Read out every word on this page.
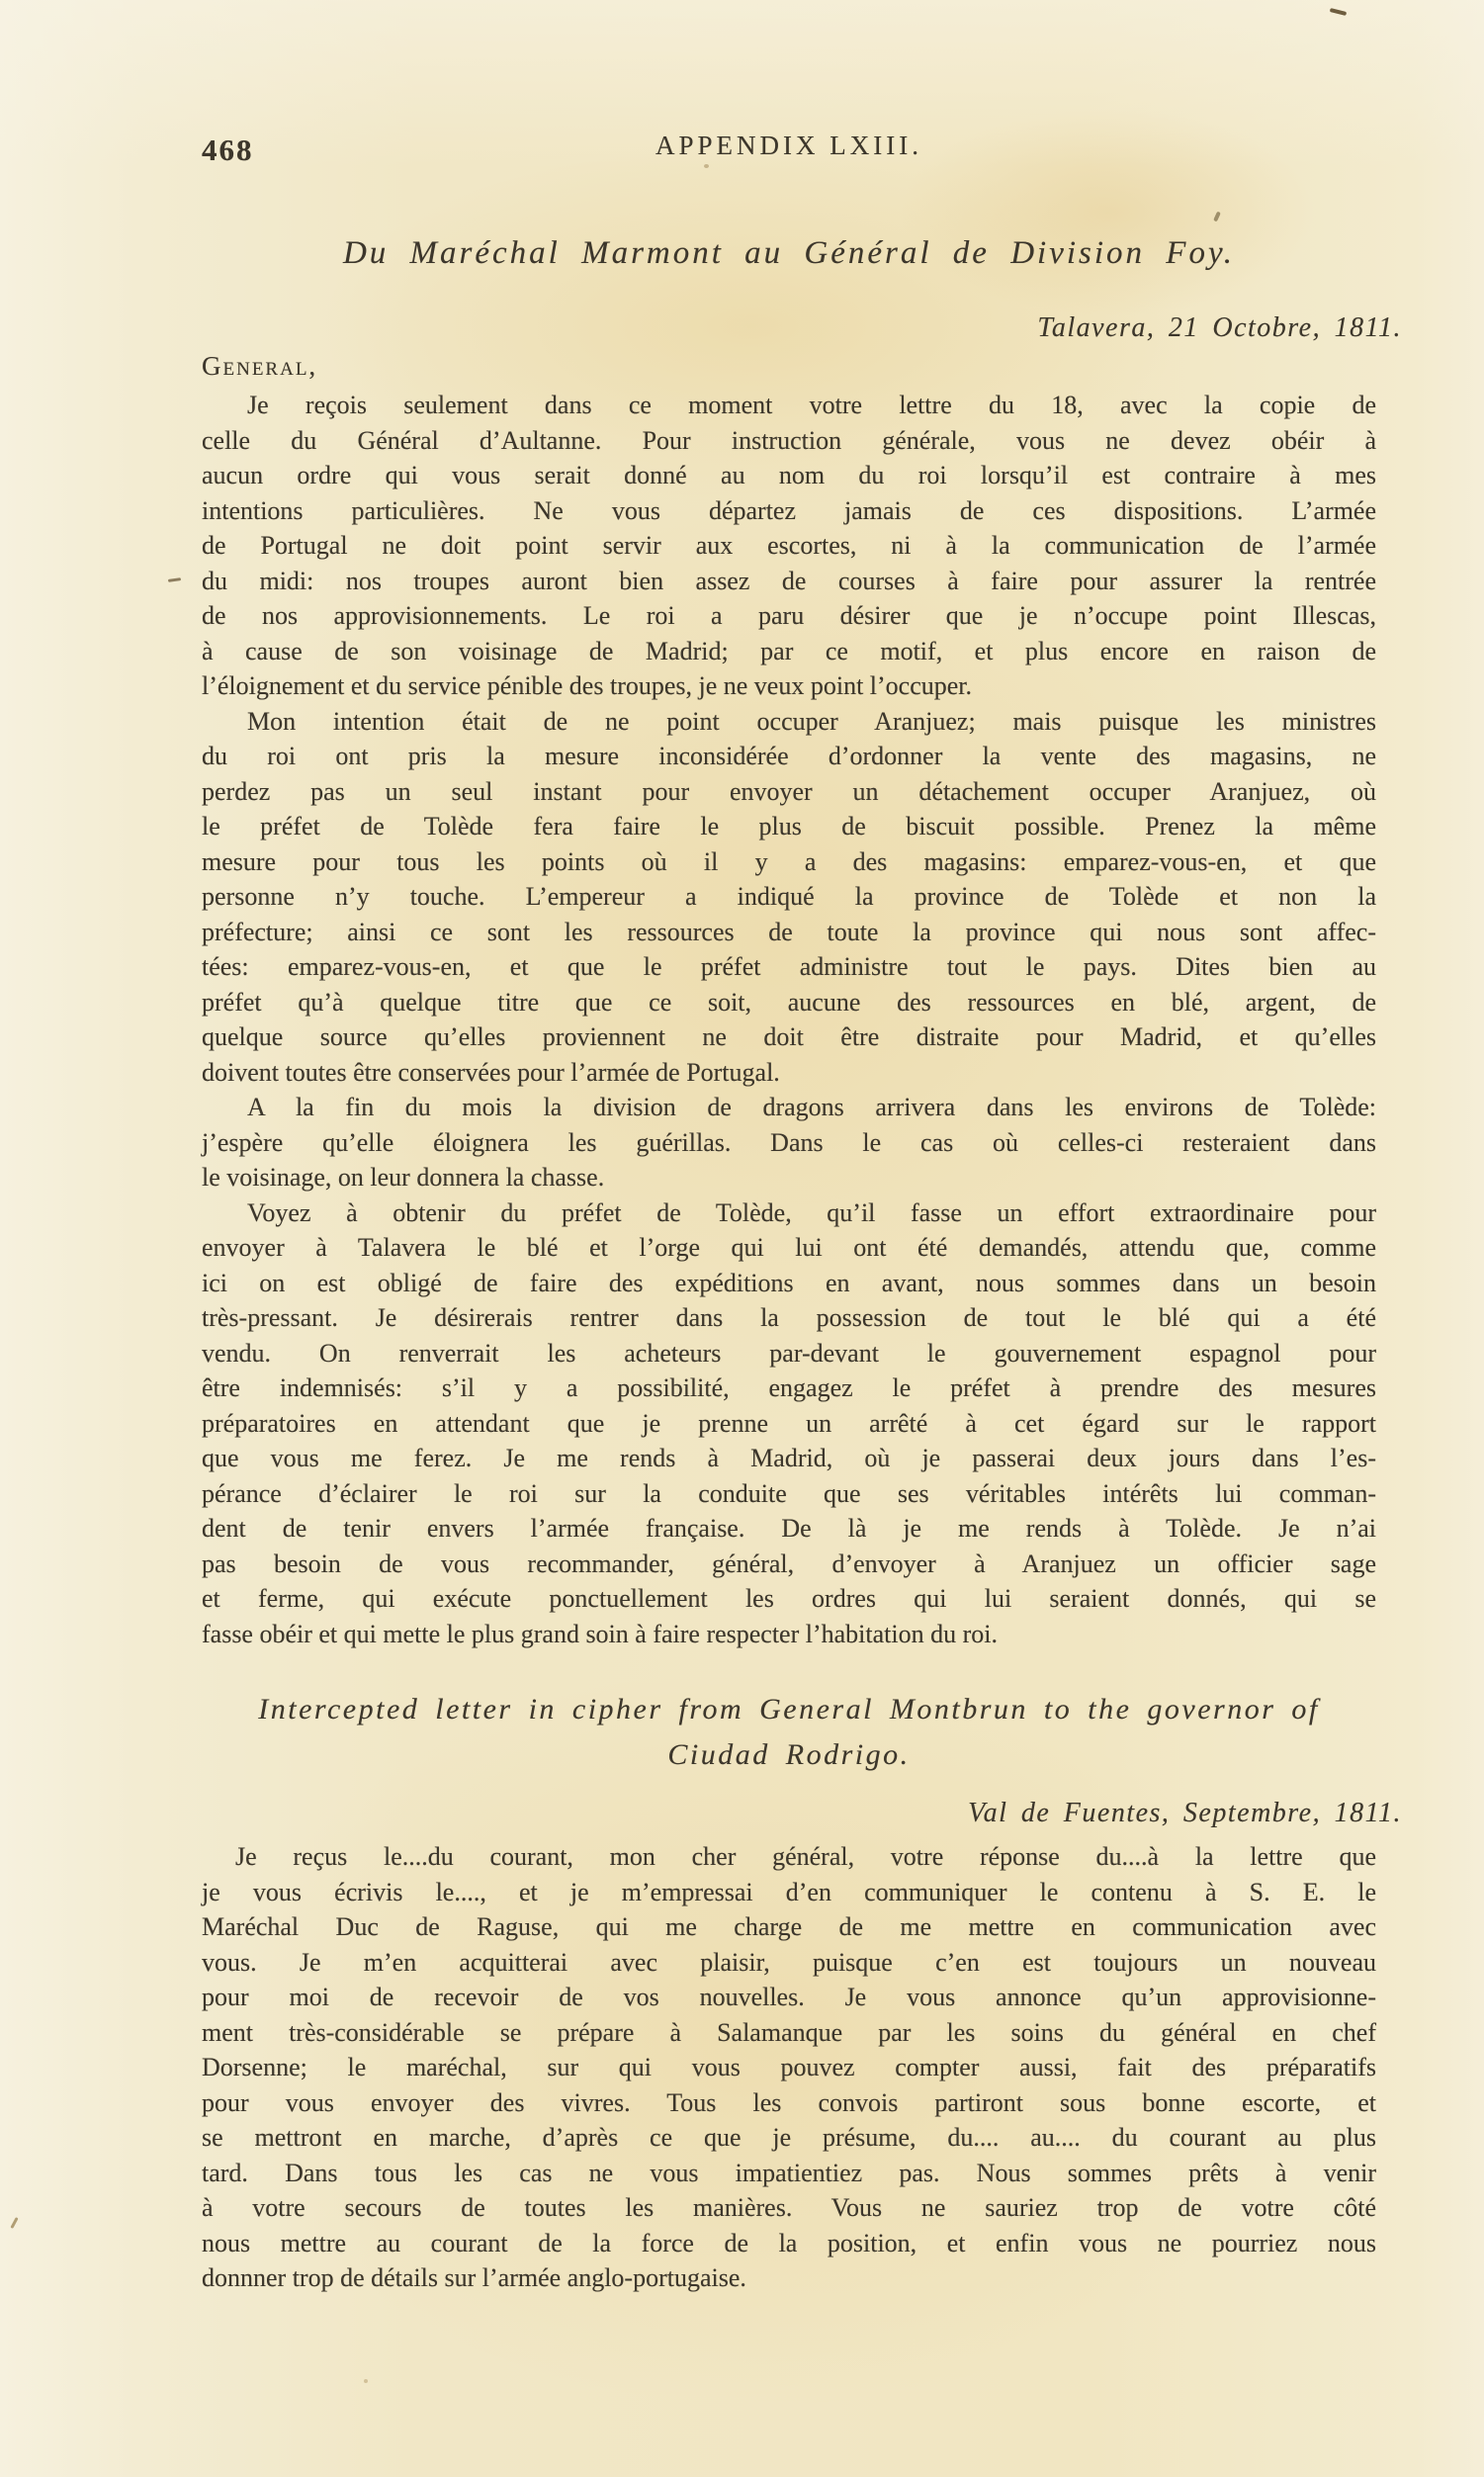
468	APPENDIX LXIII.
Du Maréchal Marmont au Général de Division Foy.
Talavera, 21 Octobre, 1811.
General,
Je reçois seulement dans ce moment votre lettre du 18, avec la copie de
celle du Général d’Aultanne. Pour instruction générale, vous ne devez obéir à
aucun ordre qui vous serait donné au nom du roi lorsqu’il est contraire à mes
intentions particulières. Ne vous départez jamais de ces dispositions. L’armée
de Portugal ne doit point servir aux escortes, ni à la communication de l’armée
du midi: nos troupes auront bien assez de courses à faire pour assurer la rentrée
de nos approvisionnements. Le roi a paru désirer que je n’occupe point Illescas,
à cause de son voisinage de Madrid; par ce motif, et plus encore en raison de
l’éloignement et du service pénible des troupes, je ne veux point l’occuper.
Mon intention était de ne point occuper Aranjuez; mais puisque les ministres
du roi ont pris la mesure inconsidérée d’ordonner la vente des magasins, ne
perdez pas un seul instant pour envoyer un détachement occuper Aranjuez, où
le préfet de Tolède fera faire le plus de biscuit possible. Prenez la même
mesure pour tous les points où il y a des magasins: emparez-vous-en, et que
personne n’y touche. L’empereur a indiqué la province de Tolède et non la
préfecture; ainsi ce sont les ressources de toute la province qui nous sont affec-
tées: emparez-vous-en, et que le préfet administre tout le pays. Dites bien au
préfet qu’à quelque titre que ce soit, aucune des ressources en blé, argent, de
quelque source qu’elles proviennent ne doit être distraite pour Madrid, et qu’elles
doivent toutes être conservées pour l’armée de Portugal.
A la fin du mois la division de dragons arrivera dans les environs de Tolède:
j’espère qu’elle éloignera les guérillas. Dans le cas où celles-ci resteraient dans
le voisinage, on leur donnera la chasse.
Voyez à obtenir du préfet de Tolède, qu’il fasse un effort extraordinaire pour
envoyer à Talavera le blé et l’orge qui lui ont été demandés, attendu que, comme
ici on est obligé de faire des expéditions en avant, nous sommes dans un besoin
très-pressant. Je désirerais rentrer dans la possession de tout le blé qui a été
vendu. On renverrait les acheteurs par-devant le gouvernement espagnol pour
être indemnisés: s’il y a possibilité, engagez le préfet à prendre des mesures
préparatoires en attendant que je prenne un arrêté à cet égard sur le rapport
que vous me ferez. Je me rends à Madrid, où je passerai deux jours dans l’es-
pérance d’éclairer le roi sur la conduite que ses véritables intérêts lui comman-
dent de tenir envers l’armée française. De là je me rends à Tolède. Je n’ai
pas besoin de vous recommander, général, d’envoyer à Aranjuez un officier sage
et ferme, qui exécute ponctuellement les ordres qui lui seraient donnés, qui se
fasse obéir et qui mette le plus grand soin à faire respecter l’habitation du roi.
Intercepted letter in cipher from General Montbrun to the governor of
Ciudad Rodrigo.
Val de Fuentes, Septembre, 1811.
Je reçus le....du courant, mon cher général, votre réponse du....à la lettre que
je vous écrivis le...., et je m’empressai d’en communiquer le contenu à S. E. le
Maréchal Duc de Raguse, qui me charge de me mettre en communication avec
vous. Je m’en acquitterai avec plaisir, puisque c’en est toujours un nouveau
pour moi de recevoir de vos nouvelles. Je vous annonce qu’un approvisionne-
ment très-considérable se prépare à Salamanque par les soins du général en chef
Dorsenne; le maréchal, sur qui vous pouvez compter aussi, fait des préparatifs
pour vous envoyer des vivres. Tous les convois partiront sous bonne escorte, et
se mettront en marche, d’après ce que je présume, du.... au.... du courant au plus
tard. Dans tous les cas ne vous impatientiez pas. Nous sommes prêts à venir
à votre secours de toutes les manières. Vous ne sauriez trop de votre côté
nous mettre au courant de la force de la position, et enfin vous ne pourriez nous
donnner trop de détails sur l’armée anglo-portugaise.
